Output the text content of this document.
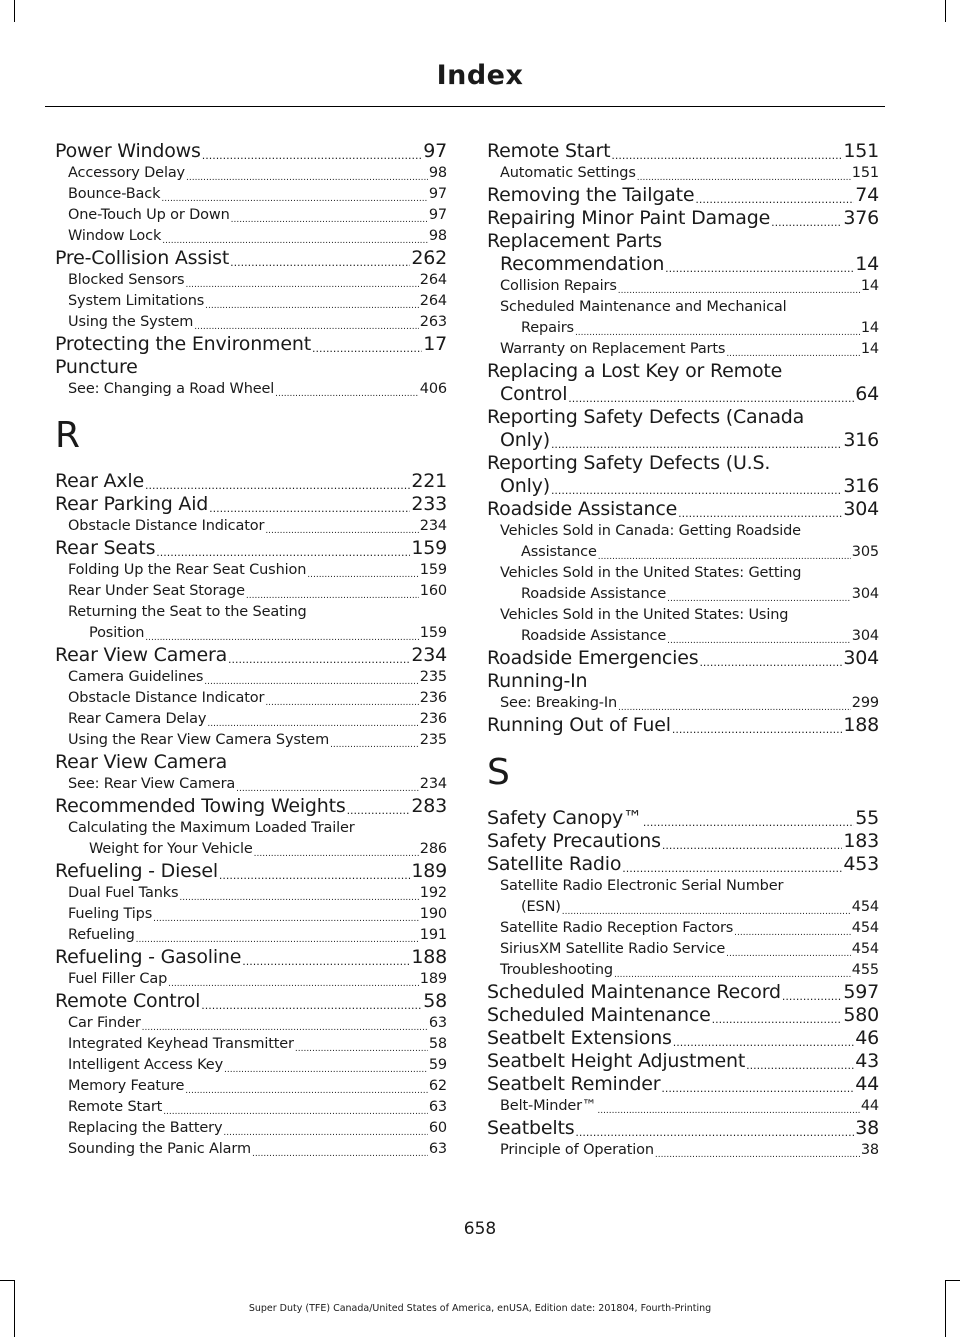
Index
Power Windows .....	97
Accessory Delay .....	98
Bounce-Back .....	97
One-Touch Up or Down .....	97
Window Lock .....	98
Pre-Collision Assist .....	262
Blocked Sensors .....	264
System Limitations .....	264
Using the System .....	263
Protecting the Environment .....	17
Puncture
See: Changing a Road Wheel .....	406
R
Rear Axle .....	221
Rear Parking Aid .....	233
Obstacle Distance Indicator .....	234
Rear Seats .....	159
Folding Up the Rear Seat Cushion .....	159
Rear Under Seat Storage .....	160
Returning the Seat to the Seating
Position .....	159
Rear View Camera .....	234
Camera Guidelines .....	235
Obstacle Distance Indicator .....	236
Rear Camera Delay .....	236
Using the Rear View Camera System .....	235
Rear View Camera
See: Rear View Camera .....	234
Recommended Towing Weights .....	283
Calculating the Maximum Loaded Trailer
Weight for Your Vehicle .....	286
Refueling - Diesel .....	189
Dual Fuel Tanks .....	192
Fueling Tips .....	190
Refueling .....	191
Refueling - Gasoline .....	188
Fuel Filler Cap .....	189
Remote Control .....	58
Car Finder .....	63
Integrated Keyhead Transmitter .....	58
Intelligent Access Key .....	59
Memory Feature .....	62
Remote Start .....	63
Replacing the Battery .....	60
Sounding the Panic Alarm .....	63
Remote Start .....	151
Automatic Settings .....	151
Removing the Tailgate .....	74
Repairing Minor Paint Damage .....	376
Replacement Parts
Recommendation .....	14
Collision Repairs .....	14
Scheduled Maintenance and Mechanical
Repairs .....	14
Warranty on Replacement Parts .....	14
Replacing a Lost Key or Remote
Control .....	64
Reporting Safety Defects (Canada
Only) .....	316
Reporting Safety Defects (U.S.
Only) .....	316
Roadside Assistance .....	304
Vehicles Sold in Canada: Getting Roadside
Assistance .....	305
Vehicles Sold in the United States: Getting
Roadside Assistance .....	304
Vehicles Sold in the United States: Using
Roadside Assistance .....	304
Roadside Emergencies .....	304
Running-In
See: Breaking-In .....	299
Running Out of Fuel .....	188
S
Safety Canopy™ .....	55
Safety Precautions .....	183
Satellite Radio .....	453
Satellite Radio Electronic Serial Number
(ESN) .....	454
Satellite Radio Reception Factors .....	454
SiriusXM Satellite Radio Service .....	454
Troubleshooting .....	455
Scheduled Maintenance Record .....	597
Scheduled Maintenance .....	580
Seatbelt Extensions .....	46
Seatbelt Height Adjustment .....	43
Seatbelt Reminder .....	44
Belt-Minder™ .....	44
Seatbelts .....	38
Principle of Operation .....	38
658
Super Duty (TFE) Canada/United States of America, enUSA, Edition date: 201804, Fourth-Printing
